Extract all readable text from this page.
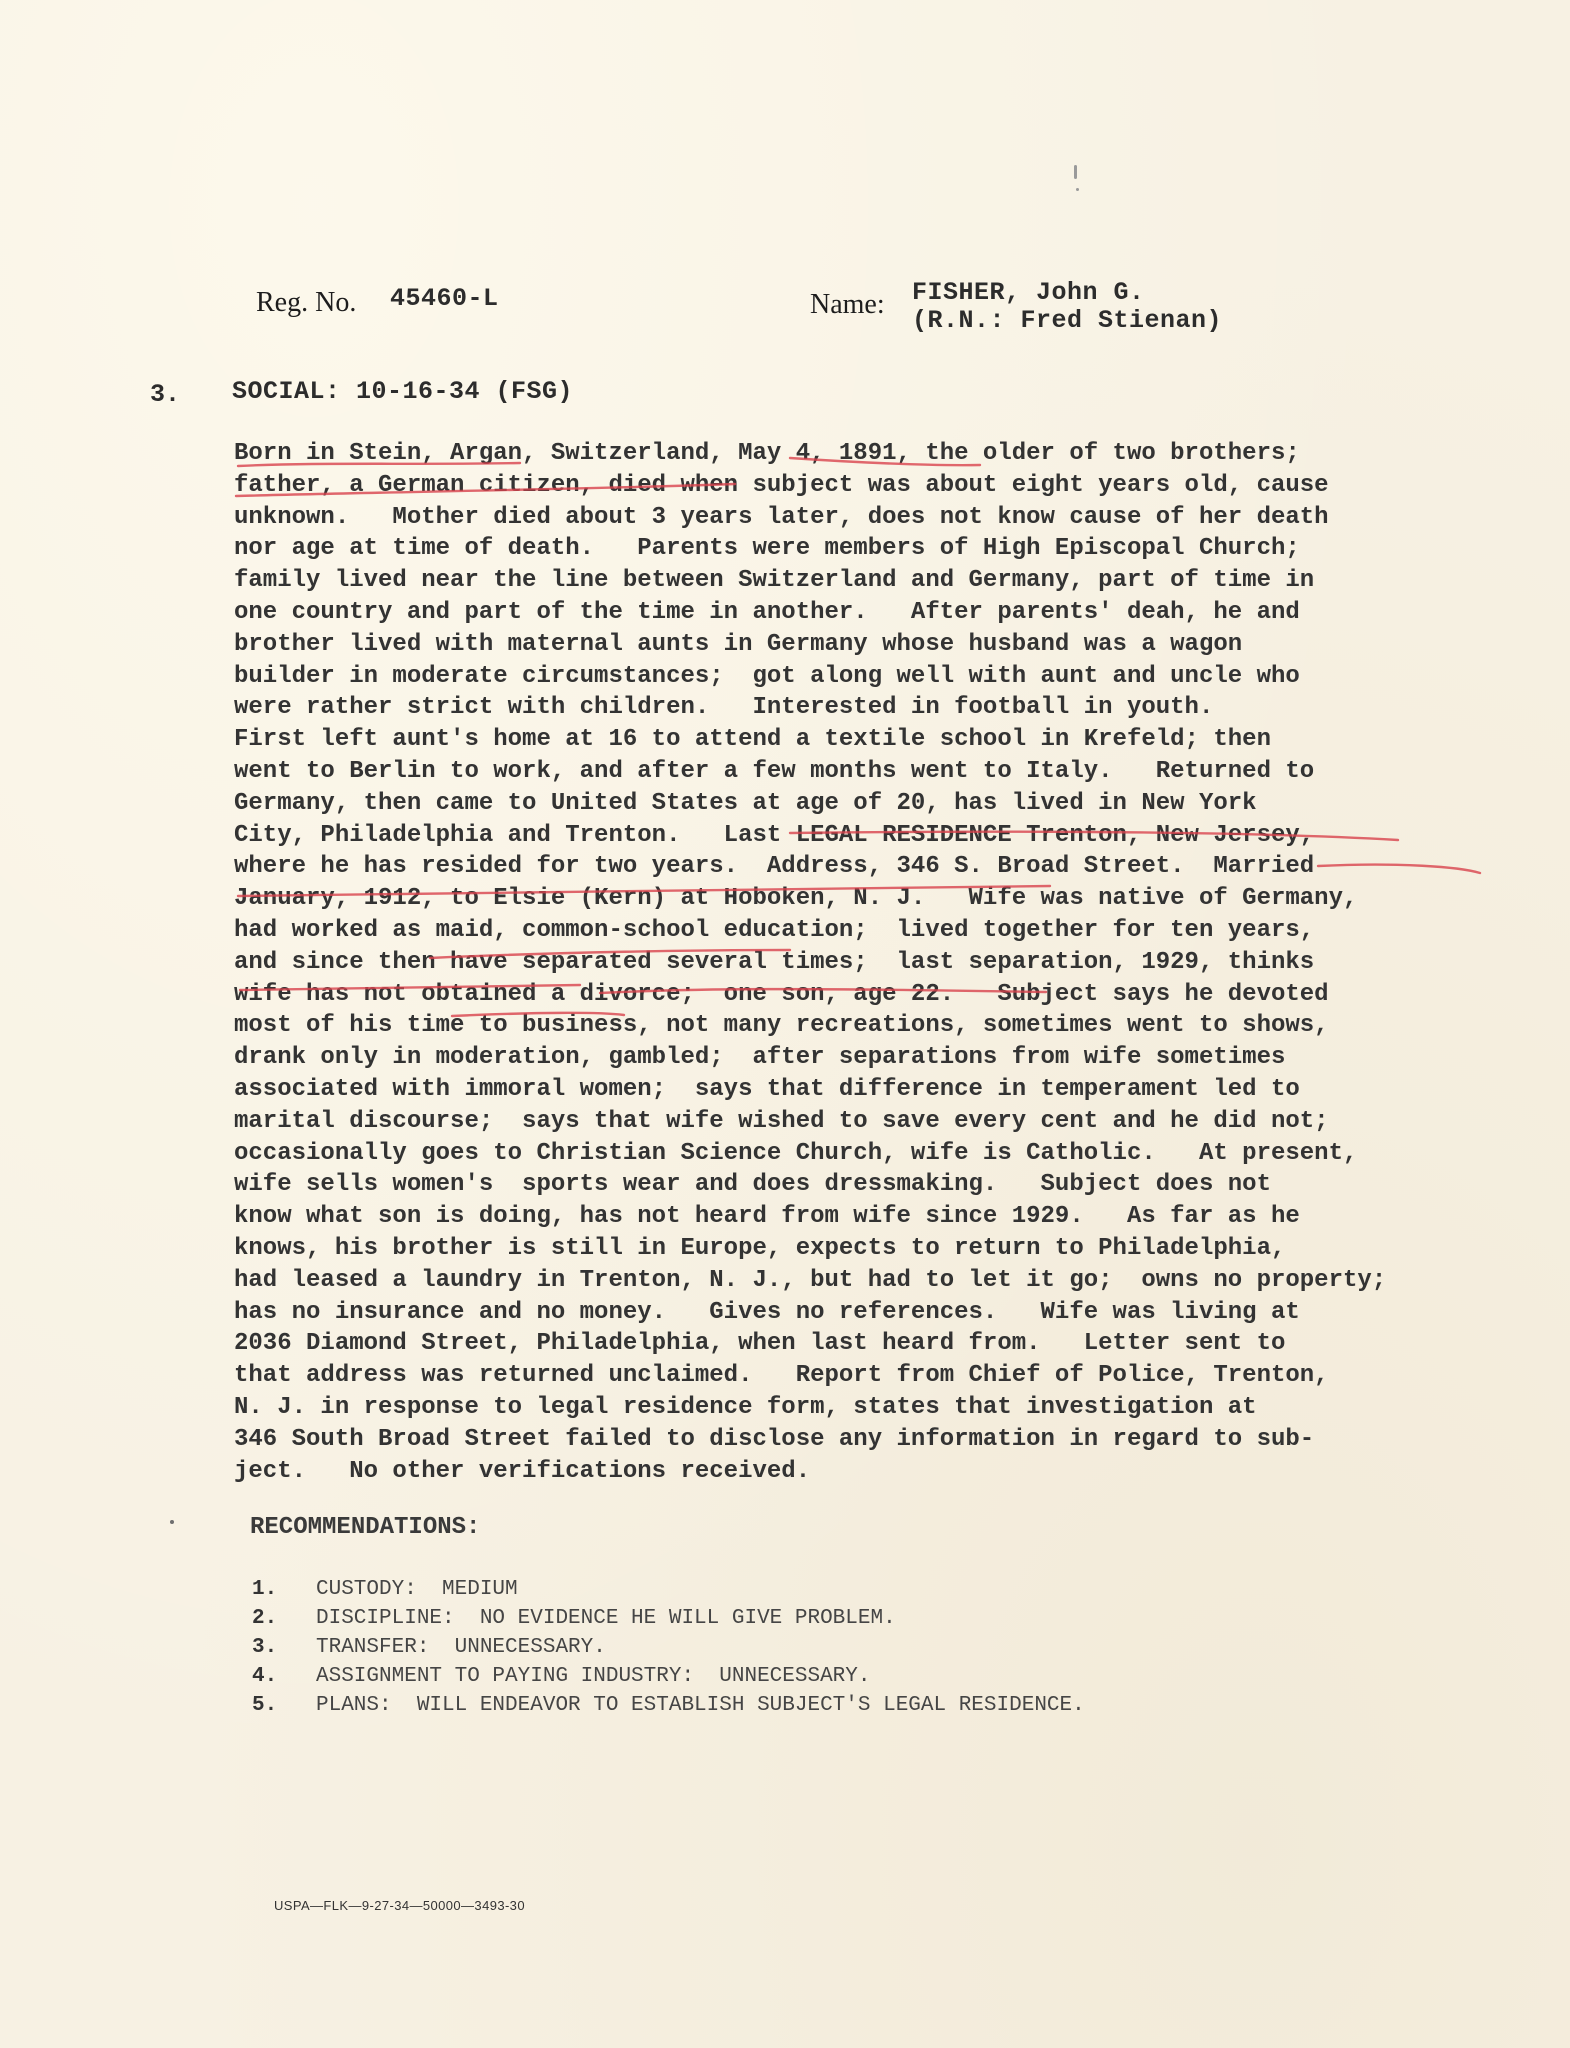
Reg. No. 45460-L	Name: FISHER, John G.
(R.N.: Fred Stienan)
3. SOCIAL: 10-16-34 (FSG)
Born in Stein, Argan, Switzerland, May 4, 1891, the older of two brothers;
father, a German citizen, died when subject was about eight years old, cause
unknown.   Mother died about 3 years later, does not know cause of her death
nor age at time of death.   Parents were members of High Episcopal Church;
family lived near the line between Switzerland and Germany, part of time in
one country and part of the time in another.   After parents' deah, he and
brother lived with maternal aunts in Germany whose husband was a wagon
builder in moderate circumstances;  got along well with aunt and uncle who
were rather strict with children.   Interested in football in youth.
First left aunt's home at 16 to attend a textile school in Krefeld; then
went to Berlin to work, and after a few months went to Italy.   Returned to
Germany, then came to United States at age of 20, has lived in New York
City, Philadelphia and Trenton.   Last LEGAL RESIDENCE Trenton, New Jersey,
where he has resided for two years.  Address, 346 S. Broad Street.  Married
January, 1912, to Elsie (Kern) at Hoboken, N. J.   Wife was native of Germany,
had worked as maid, common-school education;  lived together for ten years,
and since then have separated several times;  last separation, 1929, thinks
wife has not obtained a divorce;  one son, age 22.   Subject says he devoted
most of his time to business, not many recreations, sometimes went to shows,
drank only in moderation, gambled;  after separations from wife sometimes
associated with immoral women;  says that difference in temperament led to
marital discourse;  says that wife wished to save every cent and he did not;
occasionally goes to Christian Science Church, wife is Catholic.   At present,
wife sells women's  sports wear and does dressmaking.   Subject does not
know what son is doing, has not heard from wife since 1929.   As far as he
knows, his brother is still in Europe, expects to return to Philadelphia,
had leased a laundry in Trenton, N. J., but had to let it go;  owns no property;
has no insurance and no money.   Gives no references.   Wife was living at
2036 Diamond Street, Philadelphia, when last heard from.   Letter sent to
that address was returned unclaimed.   Report from Chief of Police, Trenton,
N. J. in response to legal residence form, states that investigation at
346 South Broad Street failed to disclose any information in regard to sub-
ject.   No other verifications received.
RECOMMENDATIONS:
1. CUSTODY:  MEDIUM
2. DISCIPLINE:  NO EVIDENCE HE WILL GIVE PROBLEM.
3. TRANSFER:  UNNECESSARY.
4. ASSIGNMENT TO PAYING INDUSTRY:  UNNECESSARY.
5. PLANS:  WILL ENDEAVOR TO ESTABLISH SUBJECT'S LEGAL RESIDENCE.
USPA—FLK—9-27-34—50000—3493-30
